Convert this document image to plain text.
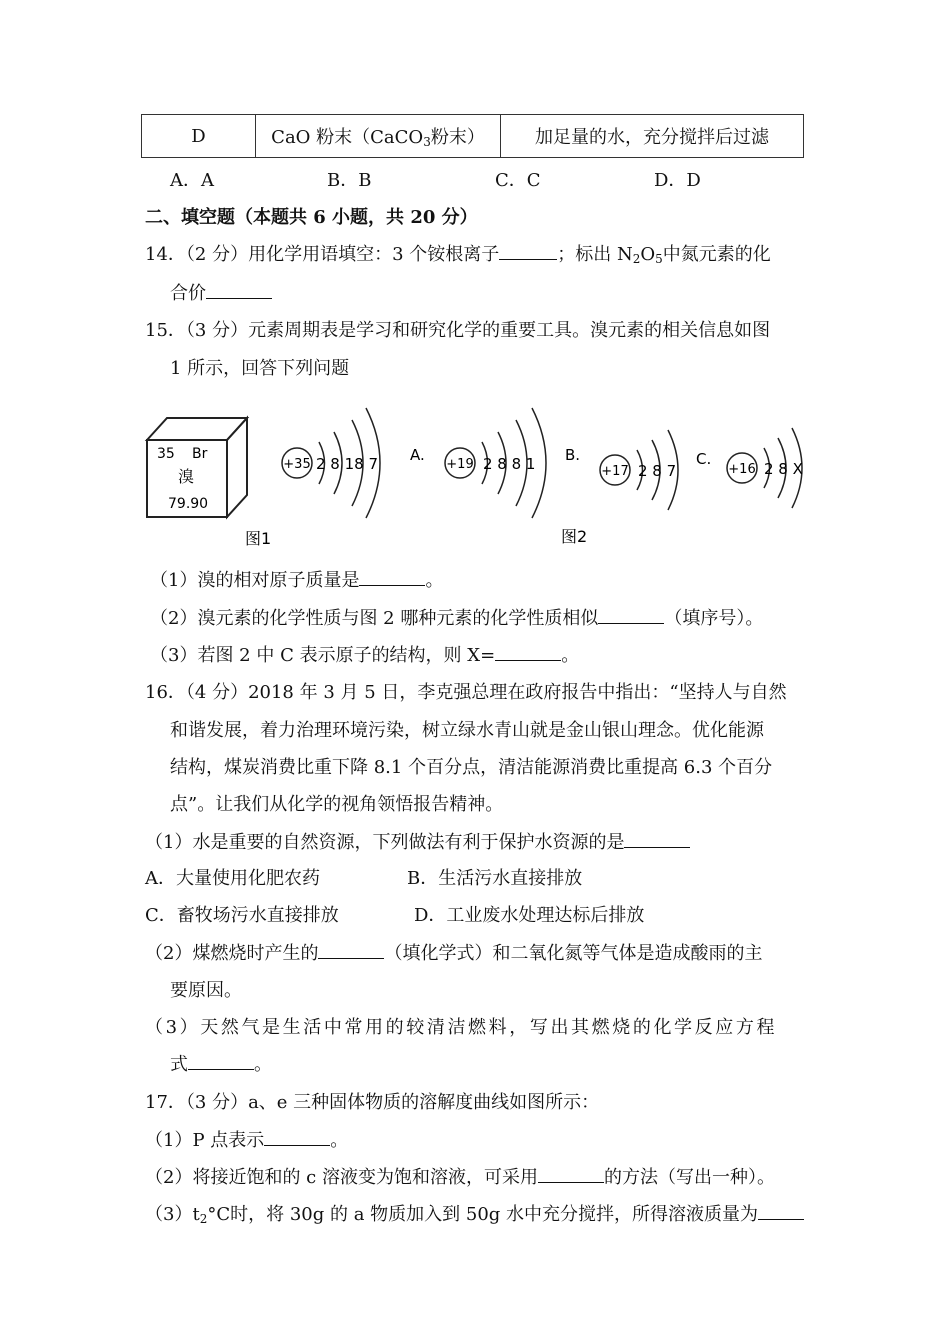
D	CaO 粉末（CaCO$_3$粉末）	加足量的水，充分搅拌后过滤
A．A	B．B	C．C	D．D
二、填空题（本题共 6 小题，共 20 分）
14．（2 分）用化学用语填空：3 个铵根离子	；标出 $N_2O_5$中氮元素的化
合价
15．（3 分）元素周期表是学习和研究化学的重要工具。溴元素的相关信息如图
1 所示，回答下列问题
35 Br
溴
79.90
图1
+35 2 8 18 7 A.
+19 2 8 8 1 B.
+17 2 8 7
C.
+16 2 8 X
图2
（1）溴的相对原子质量是	。
（2）溴元素的化学性质与图 2 哪种元素的化学性质相似	（填序号）。
（3）若图 2 中 C 表示原子的结构，则 X=	。
16．（4 分）2018 年 3 月 5 日，李克强总理在政府报告中指出：“坚持人与自然
和谐发展，着力治理环境污染，树立绿水青山就是金山银山理念。优化能源
结构，煤炭消费比重下降 8.1 个百分点，清洁能源消费比重提高 6.3 个百分
点”。让我们从化学的视角领悟报告精神。
（1）水是重要的自然资源，下列做法有利于保护水资源的是
A．大量使用化肥农药	B．生活污水直接排放
C．畜牧场污水直接排放	D．工业废水处理达标后排放
（2）煤燃烧时产生的	（填化学式）和二氧化氮等气体是造成酸雨的主
要原因。
（3）天然气是生活中常用的较清洁燃料，写出其燃烧的化学反应方程
式	。
17．（3 分）a、e 三种固体物质的溶解度曲线如图所示：
（1）P 点表示	。
（2）将接近饱和的 c 溶液变为饱和溶液，可采用	的方法（写出一种）。
$(3)t_2^\circ C$时，将 30g 的 a 物质加入到 50g 水中充分搅拌，所得溶液质量为
